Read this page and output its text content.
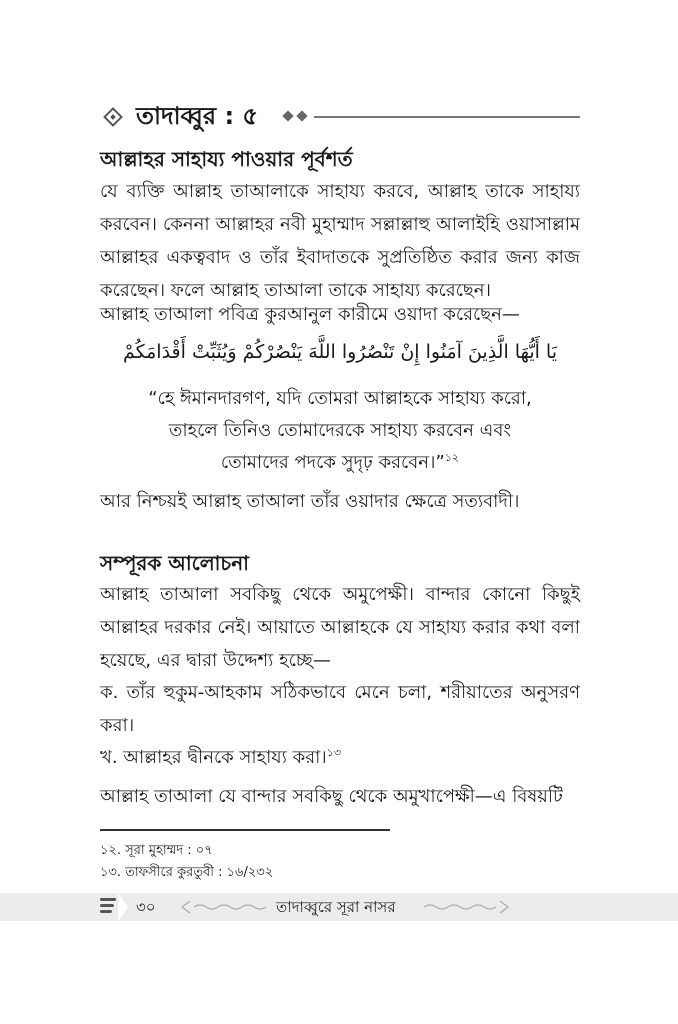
তাদাব্বুর : ৫
আল্লাহর সাহায্য পাওয়ার পূর্বশর্ত
যে ব্যক্তি আল্লাহ তাআলাকে সাহায্য করবে, আল্লাহ তাকে সাহায্য করবেন। কেননা আল্লাহর নবী মুহাম্মাদ সল্লাল্লাহু আলাইহি ওয়াসাল্লাম আল্লাহর একত্ববাদ ও তাঁর ইবাদাতকে সুপ্রতিষ্ঠিত করার জন্য কাজ করেছেন। ফলে আল্লাহ তাআলা তাকে সাহায্য করেছেন।
আল্লাহ তাআলা পবিত্র কুরআনুল কারীমে ওয়াদা করেছেন—
يَا أَيُّهَا الَّذِينَ آمَنُوا إِنْ تَنْصُرُوا اللَّهَ يَنْصُرْكُمْ وَيُثَبِّتْ أَقْدَامَكُمْ
“হে ঈমানদারগণ, যদি তোমরা আল্লাহকে সাহায্য করো,
তাহলে তিনিও তোমাদেরকে সাহায্য করবেন এবং
তোমাদের পদকে সুদৃঢ় করবেন।”$^{১২}$
আর নিশ্চয়ই আল্লাহ তাআলা তাঁর ওয়াদার ক্ষেত্রে সত্যবাদী।
সম্পূরক আলোচনা
আল্লাহ তাআলা সবকিছু থেকে অমুপেক্ষী। বান্দার কোনো কিছুই আল্লাহর দরকার নেই। আয়াতে আল্লাহকে যে সাহায্য করার কথা বলা হয়েছে, এর দ্বারা উদ্দেশ্য হচ্ছে—
ক. তাঁর হুকুম-আহকাম সঠিকভাবে মেনে চলা, শরীয়াতের অনুসরণ করা।
খ. আল্লাহর দ্বীনকে সাহায্য করা।$^{১৩}$
আল্লাহ তাআলা যে বান্দার সবকিছু থেকে অমুখাপেক্ষী—এ বিষয়টি
১২. সূরা মুহাম্মদ : ০৭
১৩. তাফসীরে কুরতুবী : ১৬/২৩২
৩০	তাদাব্বুরে সূরা নাসর
